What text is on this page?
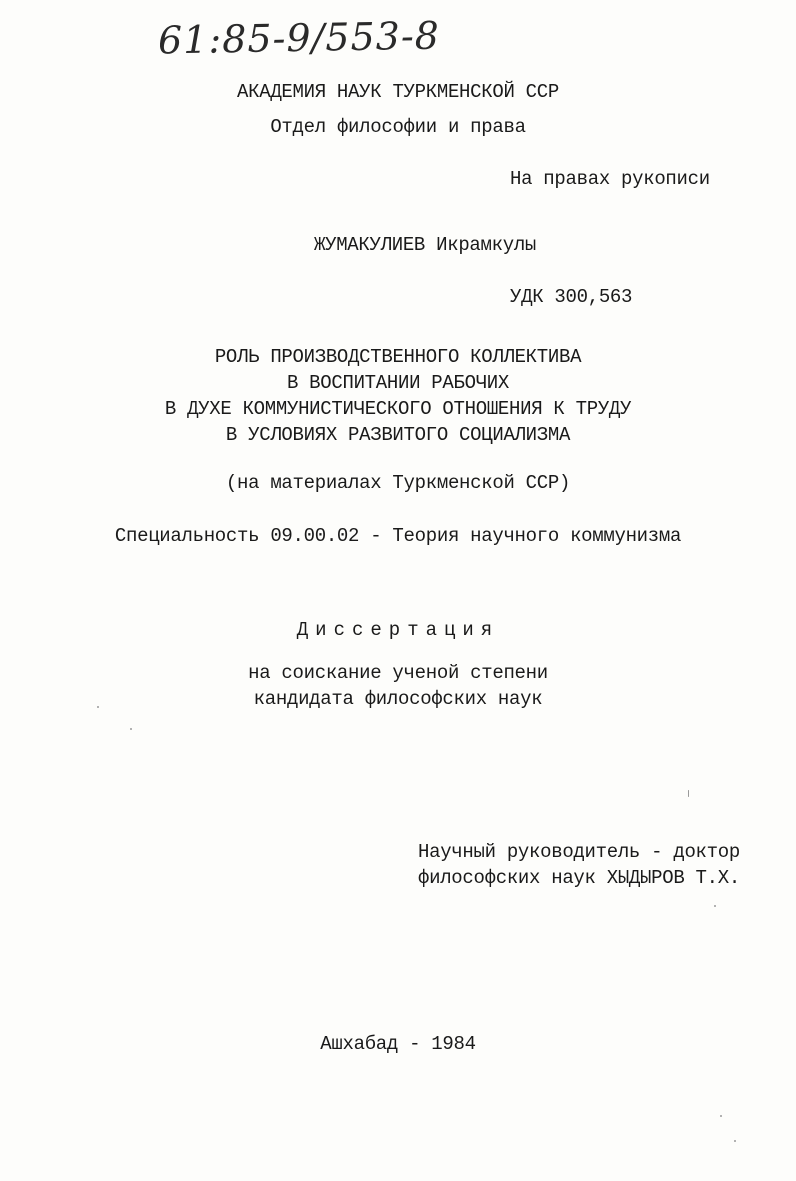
61:85-9/553-8
АКАДЕМИЯ НАУК ТУРКМЕНСКОЙ ССР
Отдел философии и права
На правах рукописи
ЖУМАКУЛИЕВ Икрамкулы
УДК 300,563
РОЛЬ ПРОИЗВОДСТВЕННОГО КОЛЛЕКТИВА
В ВОСПИТАНИИ РАБОЧИХ
В ДУХЕ КОММУНИСТИЧЕСКОГО ОТНОШЕНИЯ К ТРУДУ
В УСЛОВИЯХ РАЗВИТОГО СОЦИАЛИЗМА
(на материалах Туркменской ССР)
Специальность 09.00.02 - Теория научного коммунизма
Диссертация
на соискание ученой степени
кандидата философских наук
Научный руководитель - доктор
философских наук ХЫДЫРОВ Т.Х.
Ашхабад - 1984
